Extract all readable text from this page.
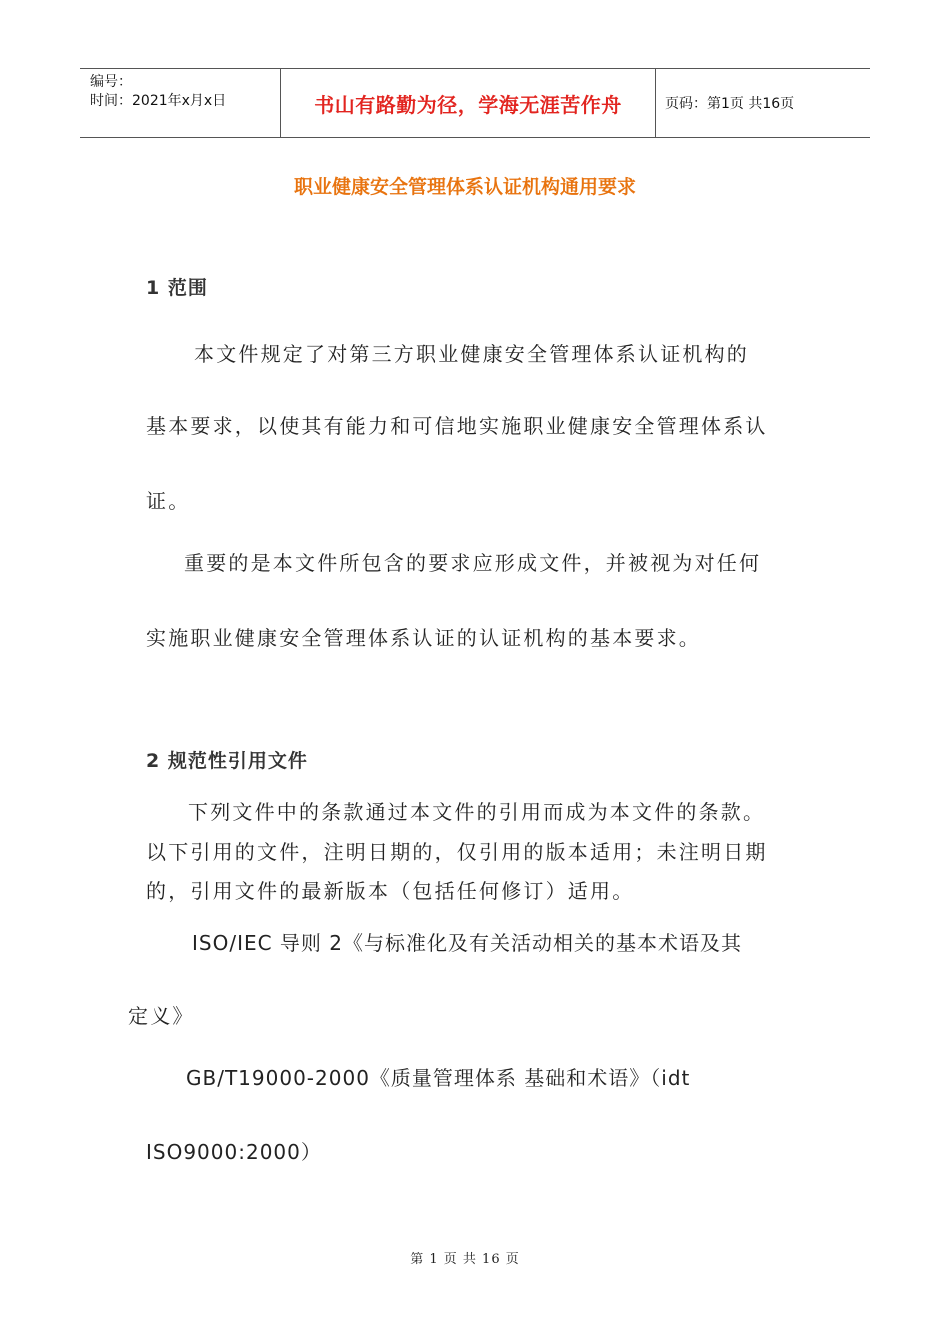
编号：
时间：2021年x月x日	书山有路勤为径，学海无涯苦作舟	页码：第1页 共16页
职业健康安全管理体系认证机构通用要求
1 范围
本文件规定了对第三方职业健康安全管理体系认证机构的
基本要求，以使其有能力和可信地实施职业健康安全管理体系认
证。
重要的是本文件所包含的要求应形成文件，并被视为对任何
实施职业健康安全管理体系认证的认证机构的基本要求。
2 规范性引用文件
下列文件中的条款通过本文件的引用而成为本文件的条款。
以下引用的文件，注明日期的，仅引用的版本适用；未注明日期
的，引用文件的最新版本（包括任何修订）适用。
ISO/IEC 导则 2《与标准化及有关活动相关的基本术语及其
定义》
GB/T19000-2000《质量管理体系 基础和术语》（idt
ISO9000:2000）
第 1 页 共 16 页
